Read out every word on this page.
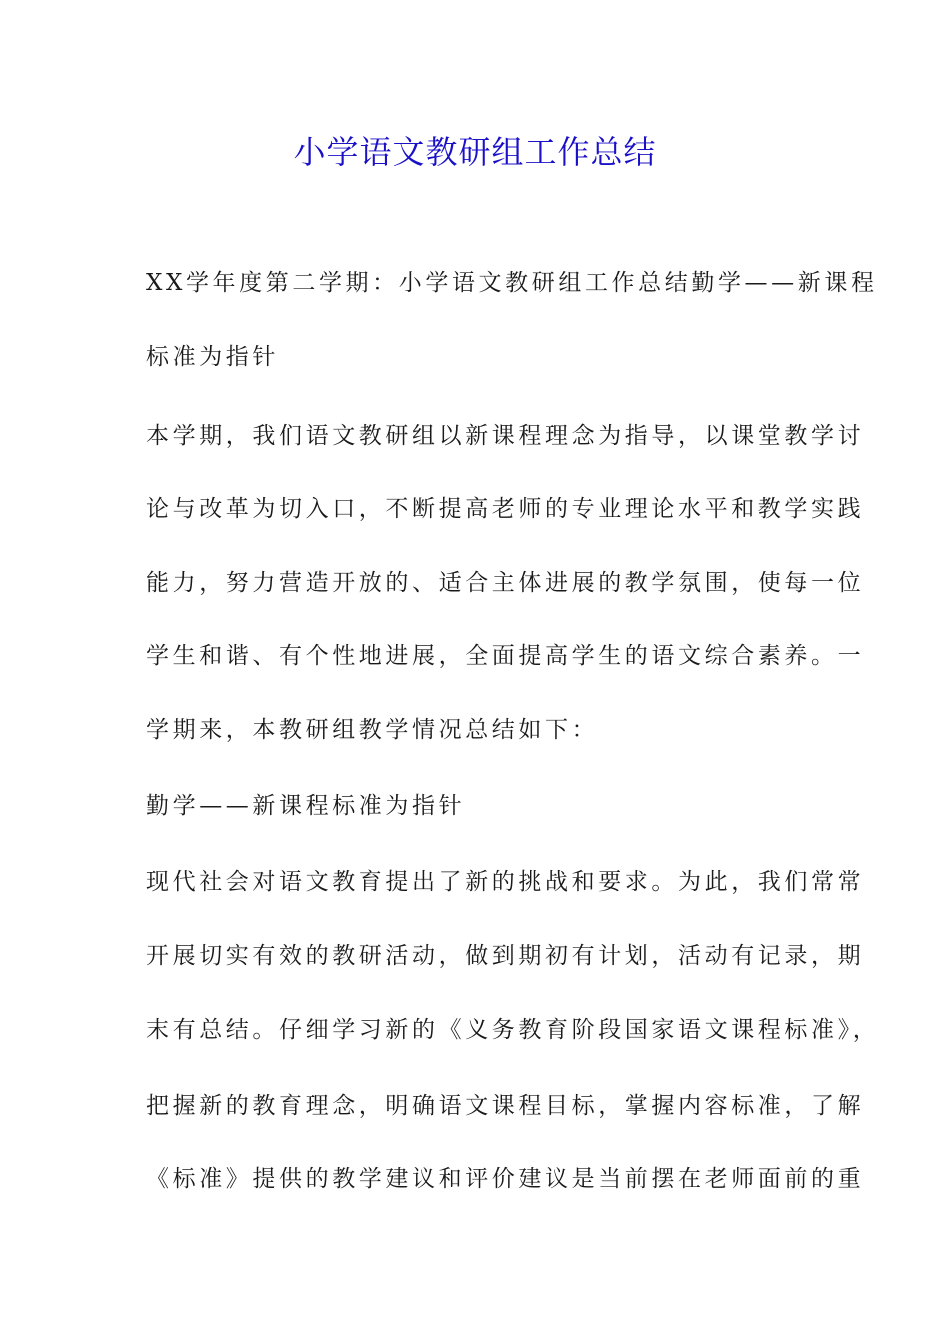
小学语文教研组工作总结
XX学年度第二学期：小学语文教研组工作总结勤学——新课程
标准为指针
本学期，我们语文教研组以新课程理念为指导，以课堂教学讨
论与改革为切入口，不断提高老师的专业理论水平和教学实践
能力，努力营造开放的、适合主体进展的教学氛围，使每一位
学生和谐、有个性地进展，全面提高学生的语文综合素养。一
学期来，本教研组教学情况总结如下：
勤学——新课程标准为指针
现代社会对语文教育提出了新的挑战和要求。为此，我们常常
开展切实有效的教研活动，做到期初有计划，活动有记录，期
末有总结。仔细学习新的《义务教育阶段国家语文课程标准》，
把握新的教育理念，明确语文课程目标，掌握内容标准，了解
《标准》提供的教学建议和评价建议是当前摆在老师面前的重
